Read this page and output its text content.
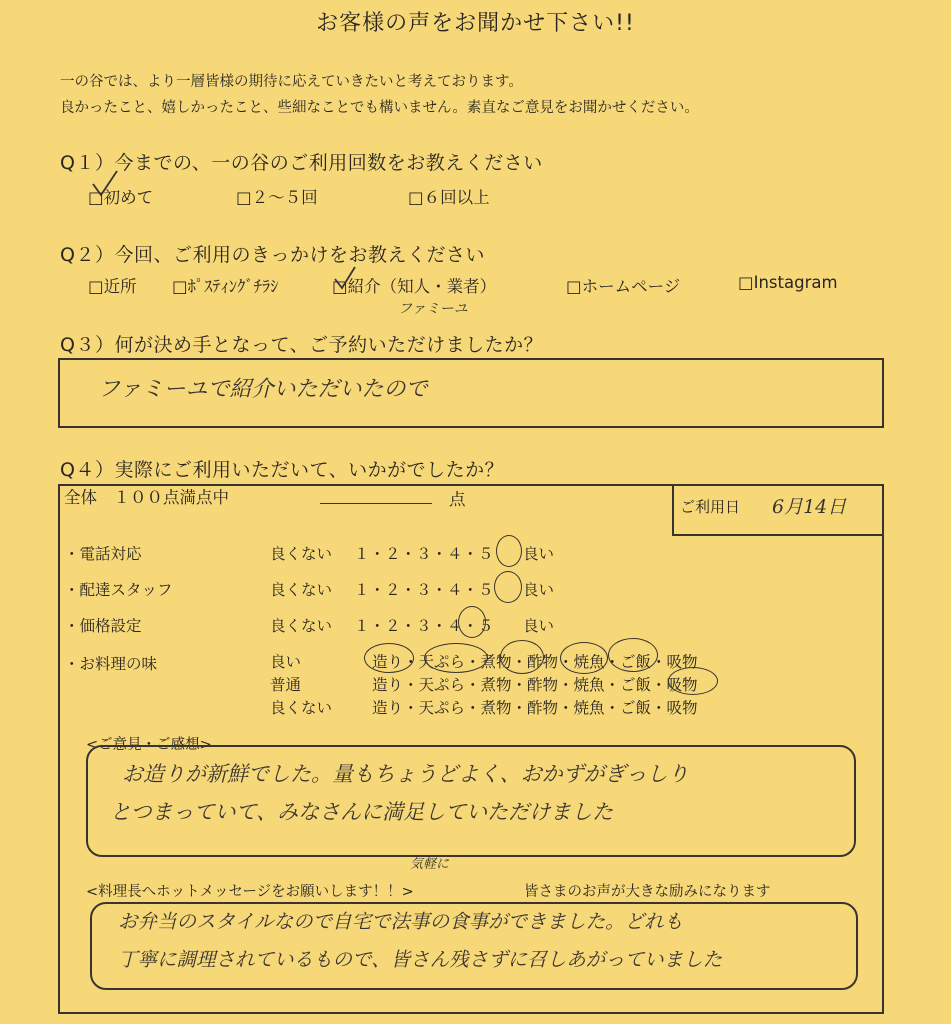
お客様の声をお聞かせ下さい!!
一の谷では、より一層皆様の期待に応えていきたいと考えております。
良かったこと、嬉しかったこと、些細なことでも構いません。素直なご意見をお聞かせください。
Q１）今までの、一の谷のご利用回数をお教えください
□初めて	□２～５回	□６回以上
Q２）今回、ご利用のきっかけをお教えください
□近所 □ﾎﾟｽﾃｨﾝｸﾞﾁﾗｼ	□紹介（知人・業者）	□ホームページ	□Instagram
ファミーユ
Q３）何が決め手となって、ご予約いただけましたか？
ファミーユで紹介いただいたので
Q４）実際にご利用いただいて、いかがでしたか？
全体　１００点満点中	点	ご利用日 6月14日
・電話対応	良くない １・２・３・４・５ 良い
・配達スタッフ	良くない １・２・３・４・５ 良い
・価格設定	良くない １・２・３・４・５ 良い
・お料理の味	良い	造り・天ぷら・煮物・酢物・焼魚・ご飯・吸物
普通	造り・天ぷら・煮物・酢物・焼魚・ご飯・吸物
良くない	造り・天ぷら・煮物・酢物・焼魚・ご飯・吸物
<ご意見・ご感想>
お造りが新鮮でした。量もちょうどよく、おかずがぎっしり
とつまっていて、みなさんに満足していただけました
<料理長へホットメッセージをお願いします！！>	皆さまのお声が大きな励みになります
気軽に
お弁当のスタイルなので自宅で法事の食事ができました。どれも
丁寧に調理されているもので、皆さん残さずに召しあがっていました
